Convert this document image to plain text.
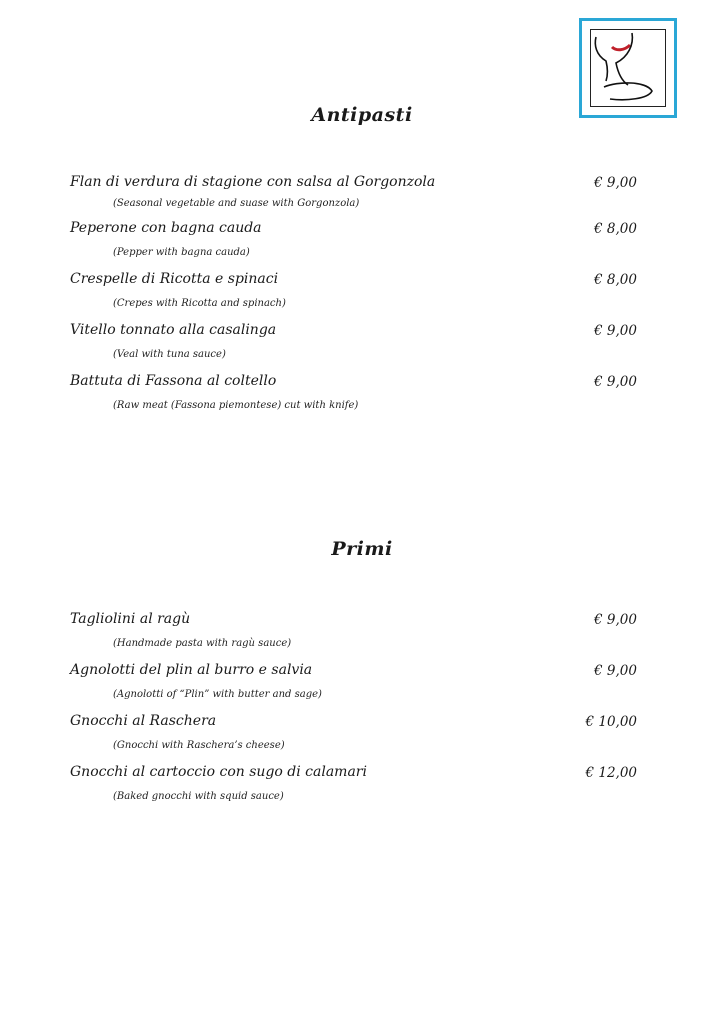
Antipasti
Flan di verdura di stagione con salsa al Gorgonzola	€ 9,00
(Seasonal vegetable and suase with Gorgonzola)
Peperone con bagna cauda	€ 8,00
(Pepper with bagna cauda)
Crespelle di Ricotta e spinaci	€ 8,00
(Crepes with Ricotta and spinach)
Vitello tonnato alla casalinga	€ 9,00
(Veal with tuna sauce)
Battuta di Fassona al coltello	€ 9,00
(Raw meat (Fassona piemontese) cut with knife)
Primi
Tagliolini al ragù	€ 9,00
(Handmade pasta with ragù sauce)
Agnolotti del plin al burro e salvia	€ 9,00
(Agnolotti of “Plin” with butter and sage)
Gnocchi al Raschera	€ 10,00
(Gnocchi with Raschera’s cheese)
Gnocchi al cartoccio con sugo di calamari	€ 12,00
(Baked gnocchi with squid sauce)
